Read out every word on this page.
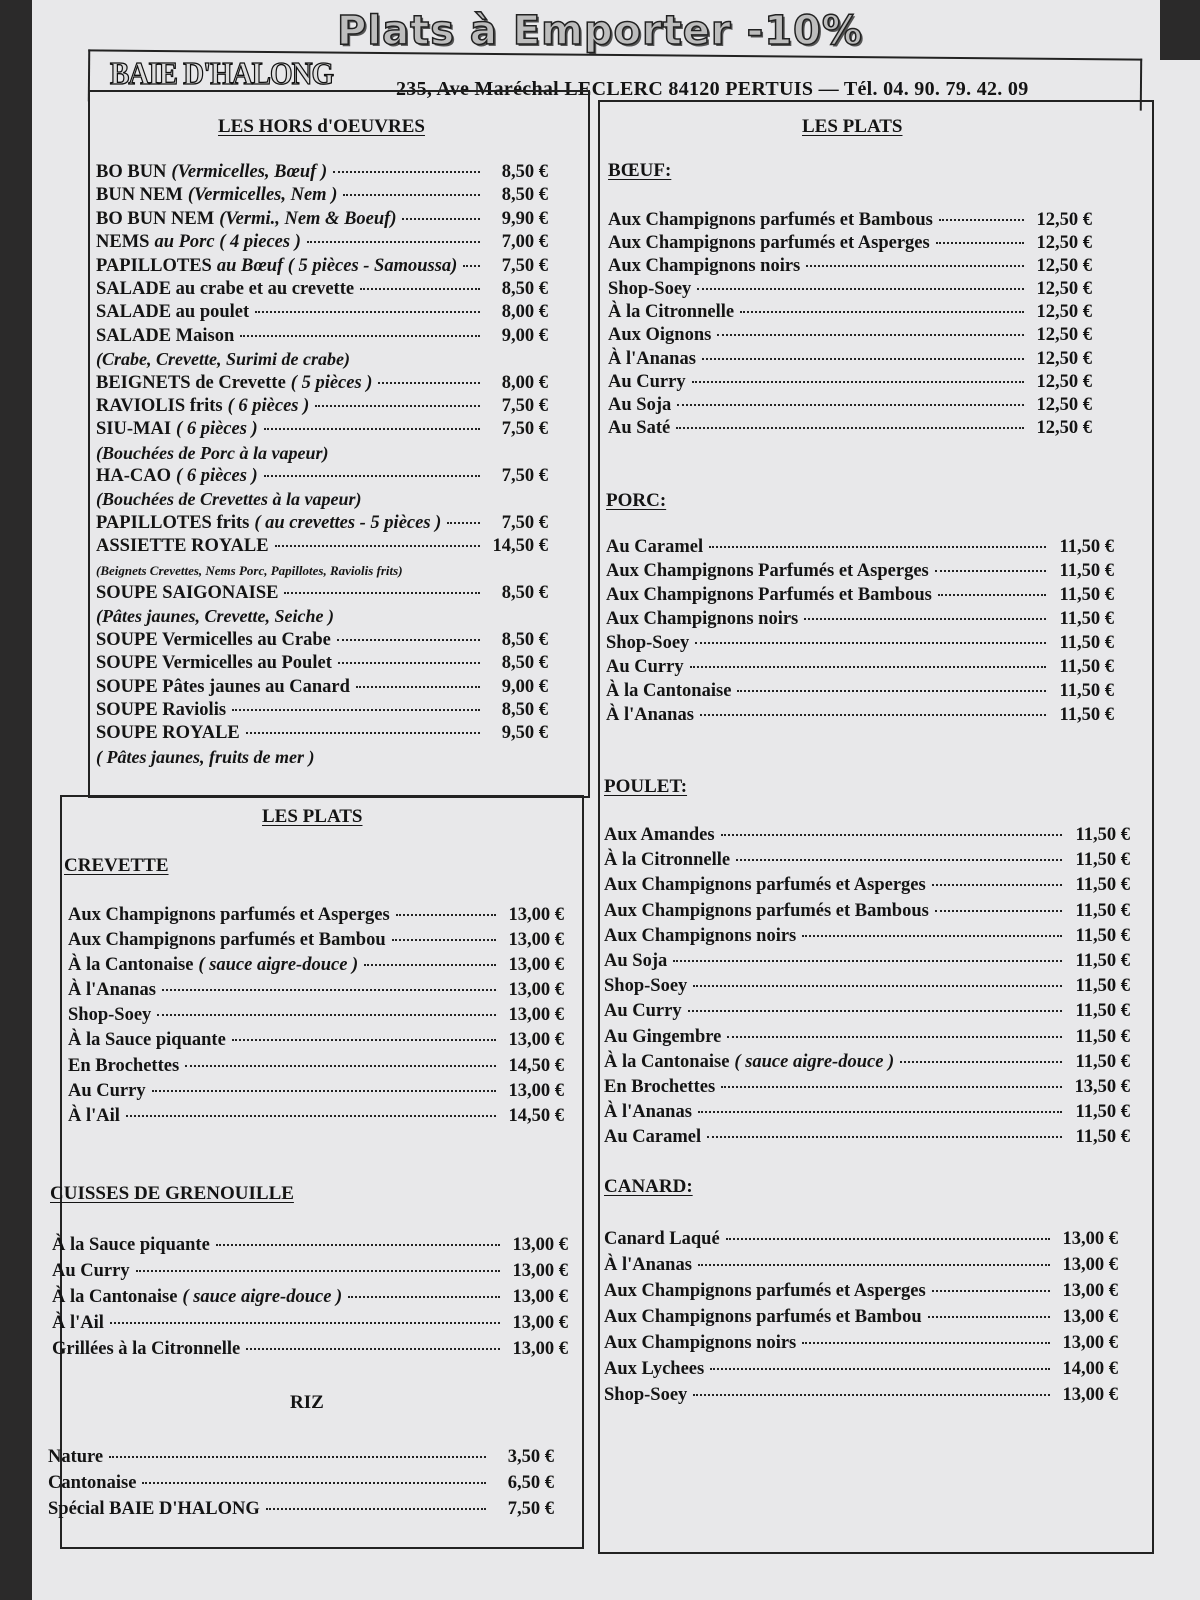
Plats à Emporter -10%
BAIE D'HALONG	235, Ave Maréchal LECLERC 84120 PERTUIS — Tél. 04. 90. 79. 42. 09
LES HORS d'OEUVRES
BO BUN (Vermicelles, Bœuf )	8,50 €
BUN NEM (Vermicelles, Nem )	8,50 €
BO BUN NEM (Vermi., Nem & Boeuf)	9,90 €
NEMS au Porc ( 4 pieces )	7,00 €
PAPILLOTES au Bœuf ( 5 pièces - Samoussa)	7,50 €
SALADE au crabe et au crevette	8,50 €
SALADE au poulet	8,00 €
SALADE Maison	9,00 €
(Crabe, Crevette, Surimi de crabe)
BEIGNETS de Crevette ( 5 pièces )	8,00 €
RAVIOLIS frits ( 6 pièces )	7,50 €
SIU-MAI ( 6 pièces )	7,50 €
(Bouchées de Porc à la vapeur)
HA-CAO ( 6 pièces )	7,50 €
(Bouchées de Crevettes à la vapeur)
PAPILLOTES frits ( au crevettes - 5 pièces )	7,50 €
ASSIETTE ROYALE	14,50 €
(Beignets Crevettes, Nems Porc, Papillotes, Raviolis frits)
SOUPE SAIGONAISE	8,50 €
(Pâtes jaunes, Crevette, Seiche )
SOUPE Vermicelles au Crabe	8,50 €
SOUPE Vermicelles au Poulet	8,50 €
SOUPE Pâtes jaunes au Canard	9,00 €
SOUPE Raviolis	8,50 €
SOUPE ROYALE	9,50 €
( Pâtes jaunes, fruits de mer )
LES PLATS
CREVETTE
Aux Champignons parfumés et Asperges	13,00 €
Aux Champignons parfumés et Bambou	13,00 €
À la Cantonaise ( sauce aigre-douce )	13,00 €
À l'Ananas	13,00 €
Shop-Soey	13,00 €
À la Sauce piquante	13,00 €
En Brochettes	14,50 €
Au Curry	13,00 €
À l'Ail	14,50 €
CUISSES DE GRENOUILLE
À la Sauce piquante	13,00 €
Au Curry	13,00 €
À la Cantonaise ( sauce aigre-douce )	13,00 €
À l'Ail	13,00 €
Grillées à la Citronnelle	13,00 €
RIZ
Nature	3,50 €
Cantonaise	6,50 €
Spécial BAIE D'HALONG	7,50 €
LES PLATS
BŒUF:
Aux Champignons parfumés et Bambous	12,50 €
Aux Champignons parfumés et Asperges	12,50 €
Aux Champignons noirs	12,50 €
Shop-Soey	12,50 €
À la Citronnelle	12,50 €
Aux Oignons	12,50 €
À l'Ananas	12,50 €
Au Curry	12,50 €
Au Soja	12,50 €
Au Saté	12,50 €
PORC:
Au Caramel	11,50 €
Aux Champignons Parfumés et Asperges	11,50 €
Aux Champignons Parfumés et Bambous	11,50 €
Aux Champignons noirs	11,50 €
Shop-Soey	11,50 €
Au Curry	11,50 €
À la Cantonaise	11,50 €
À l'Ananas	11,50 €
POULET:
Aux Amandes	11,50 €
À la Citronnelle	11,50 €
Aux Champignons parfumés et Asperges	11,50 €
Aux Champignons parfumés et Bambous	11,50 €
Aux Champignons noirs	11,50 €
Au Soja	11,50 €
Shop-Soey	11,50 €
Au Curry	11,50 €
Au Gingembre	11,50 €
À la Cantonaise ( sauce aigre-douce )	11,50 €
En Brochettes	13,50 €
À l'Ananas	11,50 €
Au Caramel	11,50 €
CANARD:
Canard Laqué	13,00 €
À l'Ananas	13,00 €
Aux Champignons parfumés et Asperges	13,00 €
Aux Champignons parfumés et Bambou	13,00 €
Aux Champignons noirs	13,00 €
Aux Lychees	14,00 €
Shop-Soey	13,00 €
